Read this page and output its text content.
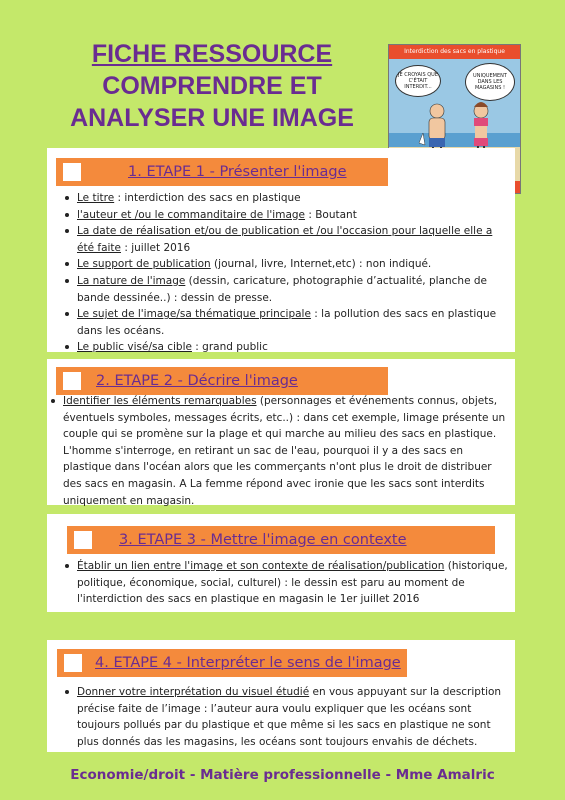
FICHE RESSOURCE
COMPRENDRE ET
ANALYSER UNE IMAGE
Interdiction des sacs en plastique
JE CROYAIS QUE C'ÉTAIT INTERDIT...
UNIQUEMENT DANS LES MAGASINS !
1. ETAPE 1 - Présenter l'image
Le titre : interdiction des sacs en plastique
l'auteur et /ou le commanditaire de l'image : Boutant
La date de réalisation et/ou de publication et /ou l'occasion pour laquelle elle a été faite : juillet 2016
Le support de publication (journal, livre, Internet,etc) : non indiqué.
La nature de l'image (dessin, caricature, photographie d’actualité, planche de bande dessinée..) : dessin de presse.
Le sujet de l'image/sa thématique principale : la pollution des sacs en plastique dans les océans.
Le public visé/sa cible : grand public
2. ETAPE 2 - Décrire l'image
Identifier les éléments remarquables (personnages et événements connus, objets, éventuels symboles, messages écrits, etc..) : dans cet exemple, limage présente un couple qui se promène sur la plage et qui marche au milieu des sacs en plastique. L'homme s'interroge, en retirant un sac de l'eau, pourquoi il y a des sacs en plastique dans l'océan alors que les commerçants n'ont plus le droit de distribuer des sacs en magasin. A La femme répond avec ironie que les sacs sont interdits uniquement en magasin.
3. ETAPE 3 - Mettre l'image en contexte
Établir un lien entre l'image et son contexte de réalisation/publication (historique, politique, économique, social, culturel) : le dessin est paru au moment de l'interdiction des sacs en plastique en magasin le 1er juillet 2016
4. ETAPE 4 - Interpréter le sens de l'image
Donner votre interprétation du visuel étudié en vous appuyant sur la description précise faite de l’image : l’auteur aura voulu expliquer que les océans sont toujours pollués par du plastique et que même si les sacs en plastique ne sont plus donnés das les magasins, les océans sont toujours envahis de déchets.
Economie/droit - Matière professionnelle - Mme Amalric
